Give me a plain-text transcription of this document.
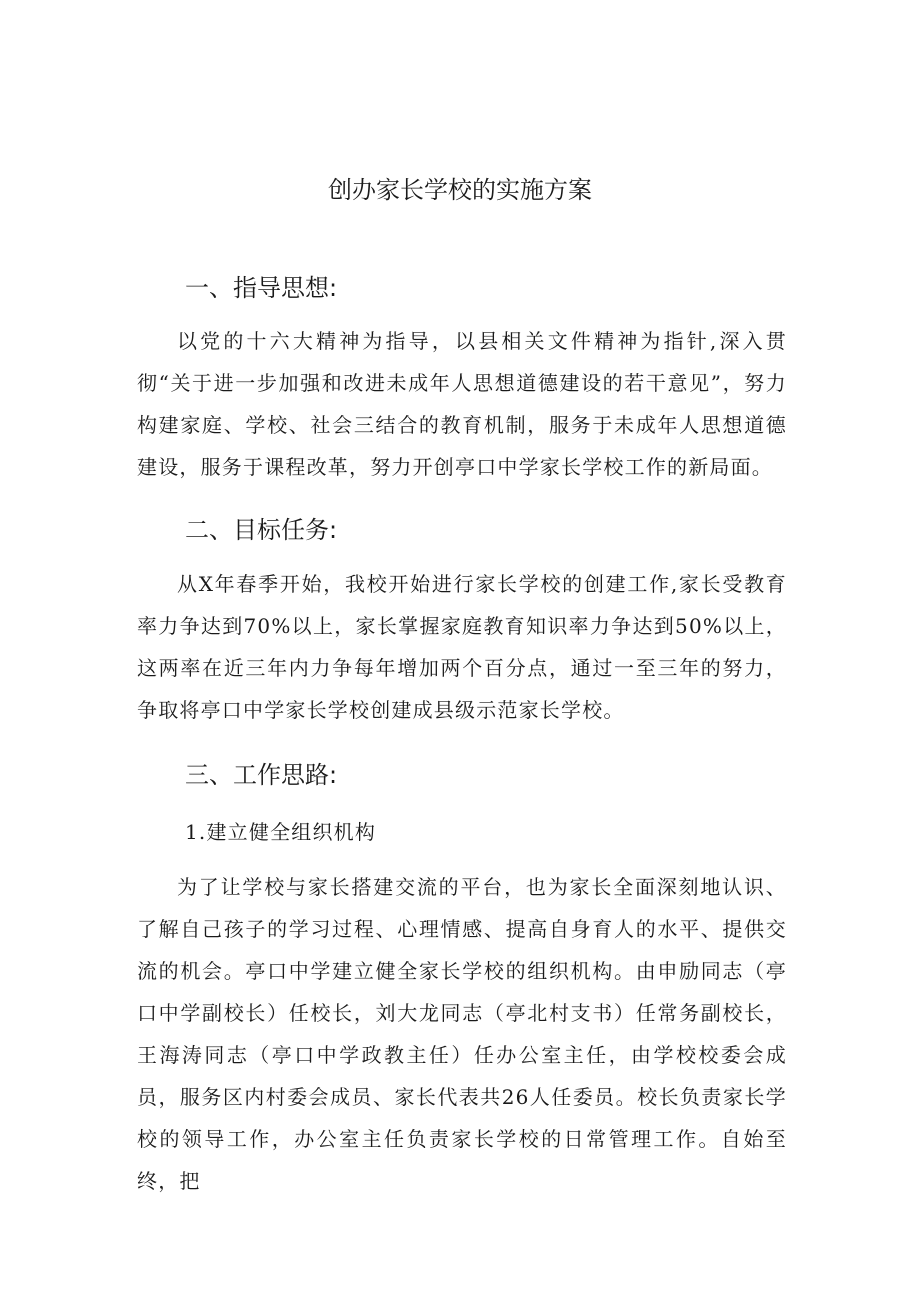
创办家长学校的实施方案
一、指导思想:

以党的十六大精神为指导，以县相关文件精神为指针,深入贯彻“关于进一步加强和改进未成年人思想道德建设的若干意见”，努力构建家庭、学校、社会三结合的教育机制，服务于未成年人思想道德建设，服务于课程改革，努力开创亭口中学家长学校工作的新局面。

二、目标任务:

从X年春季开始，我校开始进行家长学校的创建工作,家长受教育率力争达到70%以上，家长掌握家庭教育知识率力争达到50%以上，这两率在近三年内力争每年增加两个百分点，通过一至三年的努力，争取将亭口中学家长学校创建成县级示范家长学校。

三、工作思路:
1.建立健全组织机构

为了让学校与家长搭建交流的平台，也为家长全面深刻地认识、了解自己孩子的学习过程、心理情感、提高自身育人的水平、提供交流的机会。亭口中学建立健全家长学校的组织机构。由申励同志（亭口中学副校长）任校长，刘大龙同志（亭北村支书）任常务副校长，王海涛同志（亭口中学政教主任）任办公室主任，由学校校委会成员，服务区内村委会成员、家长代表共26人任委员。校长负责家长学校的领导工作，办公室主任负责家长学校的日常管理工作。自始至终，把
